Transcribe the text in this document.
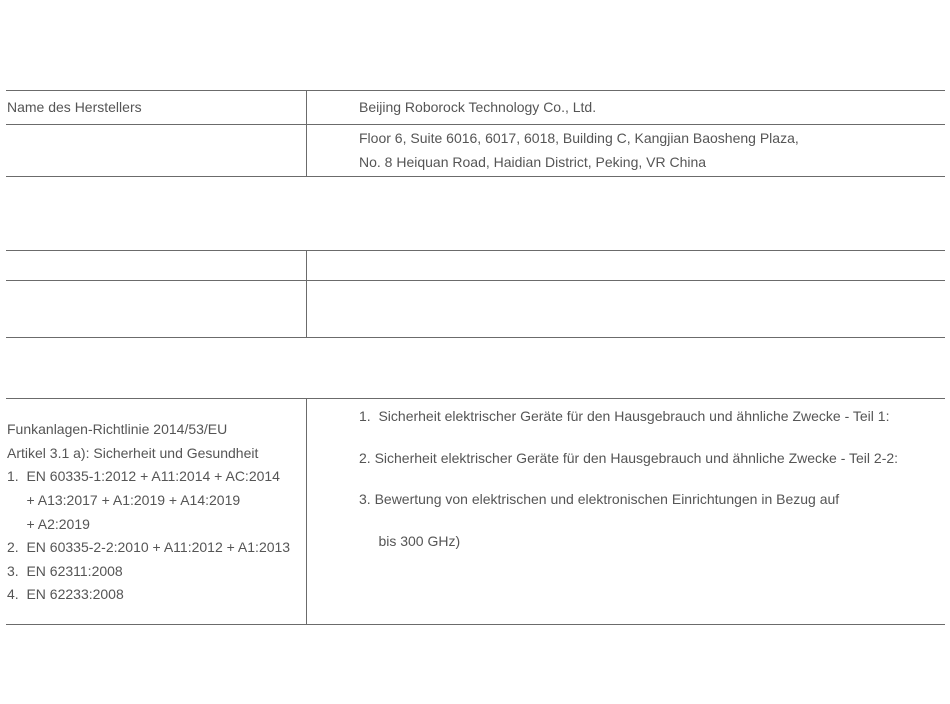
Name des Herstellers	Beijing Roborock Technology Co., Ltd.
Floor 6, Suite 6016, 6017, 6018, Building C, Kangjian Baosheng Plaza,
No. 8 Heiquan Road, Haidian District, Peking, VR China
Funkanlagen-Richtlinie 2014/53/EU
Artikel 3.1 a): Sicherheit und Gesundheit
1.  EN 60335-1:2012 + A11:2014 + AC:2014
+ A13:2017 + A1:2019 + A14:2019
+ A2:2019
2.  EN 60335-2-2:2010 + A11:2012 + A1:2013
3.  EN 62311:2008
4.  EN 62233:2008
1.  Sicherheit elektrischer Geräte für den Hausgebrauch und ähnliche Zwecke - Teil 1:
2. Sicherheit elektrischer Geräte für den Hausgebrauch und ähnliche Zwecke - Teil 2-2:
3. Bewertung von elektrischen und elektronischen Einrichtungen in Bezug auf
bis 300 GHz)
